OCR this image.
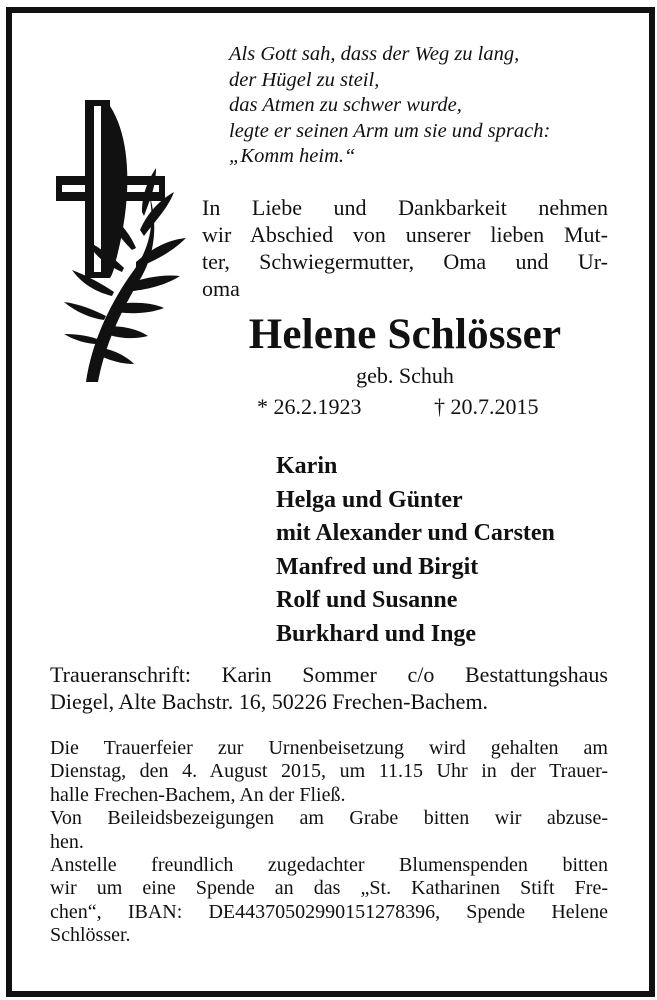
Als Gott sah, dass der Weg zu lang,
der Hügel zu steil,
das Atmen zu schwer wurde,
legte er seinen Arm um sie und sprach:
„Komm heim.“
In Liebe und Dankbarkeit nehmen
wir Abschied von unserer lieben Mut-
ter, Schwiegermutter, Oma und Ur-
oma
Helene Schlösser
geb. Schuh
* 26.2.1923	† 20.7.2015
Karin
Helga und Günter
mit Alexander und Carsten
Manfred und Birgit
Rolf und Susanne
Burkhard und Inge
Traueranschrift: Karin Sommer c/o Bestattungshaus
Diegel, Alte Bachstr. 16, 50226 Frechen-Bachem.
Die Trauerfeier zur Urnenbeisetzung wird gehalten am
Dienstag, den 4. August 2015, um 11.15 Uhr in der Trauer-
halle Frechen-Bachem, An der Fließ.
Von Beileidsbezeigungen am Grabe bitten wir abzuse-
hen.
Anstelle freundlich zugedachter Blumenspenden bitten
wir um eine Spende an das „St. Katharinen Stift Fre-
chen“, IBAN: DE44370502990151278396, Spende Helene
Schlösser.
